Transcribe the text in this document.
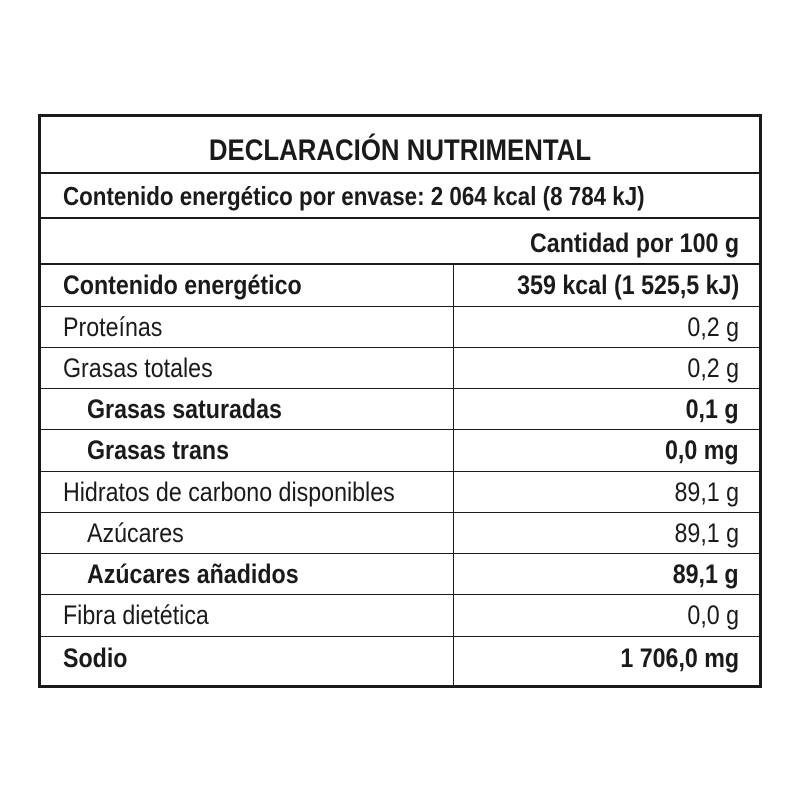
DECLARACIÓN NUTRIMENTAL
Contenido energético por envase: 2 064 kcal (8 784 kJ)
Cantidad por 100 g
Contenido energético	359 kcal (1 525,5 kJ)
Proteínas	0,2 g
Grasas totales	0,2 g
Grasas saturadas	0,1 g
Grasas trans	0,0 mg
Hidratos de carbono disponibles	89,1 g
Azúcares	89,1 g
Azúcares añadidos	89,1 g
Fibra dietética	0,0 g
Sodio	1 706,0 mg
